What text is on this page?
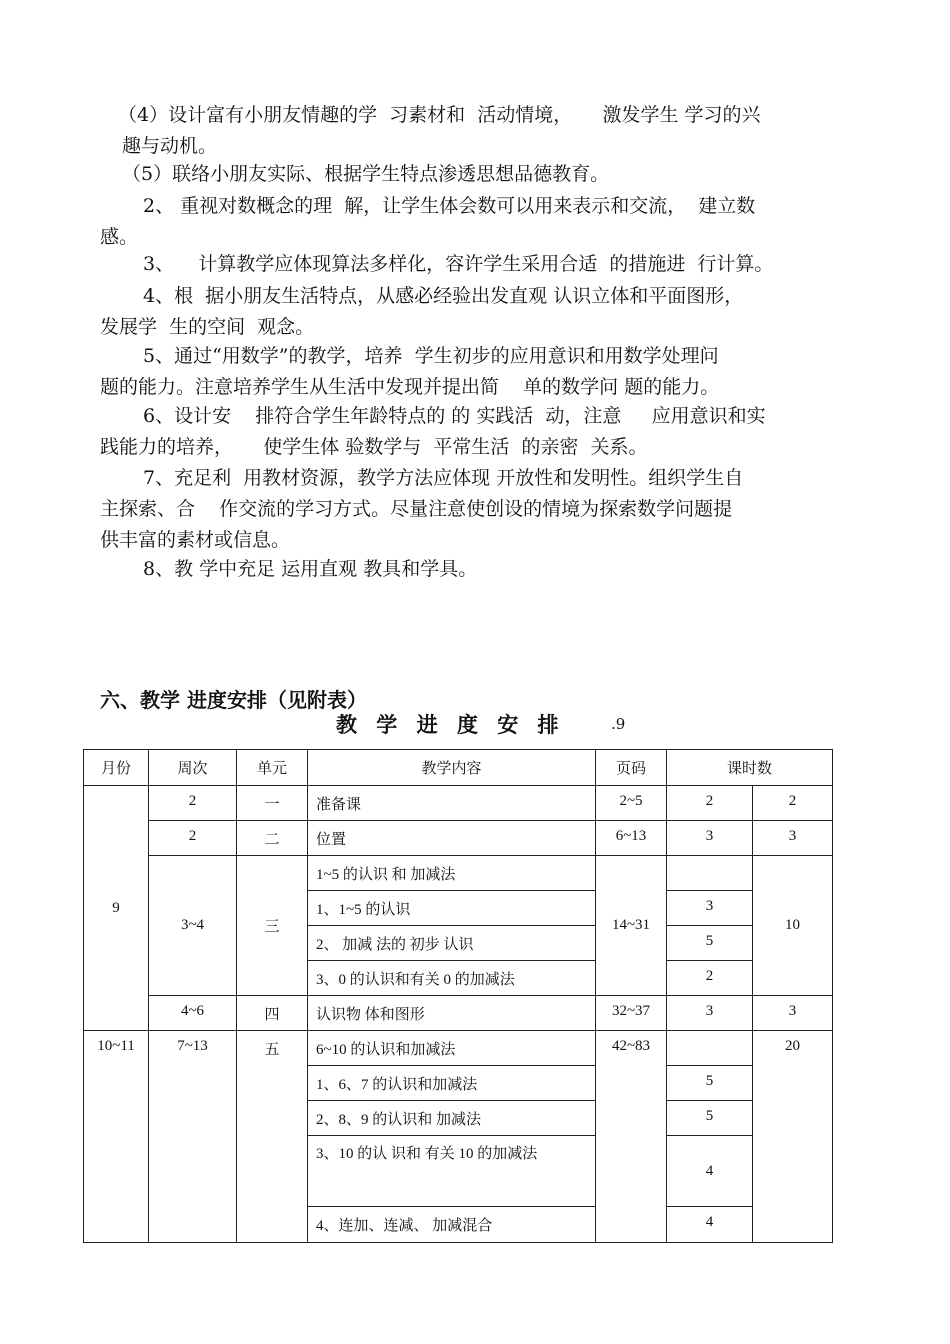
（4）设计富有小朋友情趣的学  习素材和  活动情境，     激发学生 学习的兴

趣与动机。

（5）联络小朋友实际、根据学生特点渗透思想品德教育。

2、 重视对数概念的理  解，让学生体会数可以用来表示和交流，  建立数

感。

3、    计算教学应体现算法多样化，容许学生采用合适  的措施进  行计算。

4、根  据小朋友生活特点，从感必经验出发直观 认识立体和平面图形，

发展学  生的空间  观念。

5、通过“用数学”的教学，培养  学生初步的应用意识和用数学处理问

题的能力。注意培养学生从生活中发现并提出简    单的数学问 题的能力。

6、设计安    排符合学生年龄特点的 的 实践活  动，注意     应用意识和实

践能力的培养，     使学生体 验数学与  平常生活  的亲密  关系。

7、充足利  用教材资源，教学方法应体现 开放性和发明性。组织学生自

主探索、合    作交流的学习方式。尽量注意使创设的情境为探索数学问题提

供丰富的素材或信息。

8、教 学中充足 运用直观 教具和学具。

六、教学 进度安排（见附表）

教 学 进 度 安 排	.9

月份	周次	单元	教学内容	页码	课时数	
9	2	一	准备课	2~5	2	2
	2	二	位置	6~13	3	3
	3~4	三	1~5 的认识 和 加减法	14~31		10
			1、1~5 的认识		3	
			2、 加减 法的 初步 认识		5	
			3、0 的认识和有关 0 的加减法		2	
	4~6	四	认识物 体和图形	32~37	3	3
10~11	7~13	五	6~10 的认识和加减法	42~83		20
			1、6、7 的认识和加减法		5	
			2、8、9 的认识和 加减法		5	
			3、10 的认 识和 有关 10 的加减法		4	
			4、连加、连减、 加减混合		4	
